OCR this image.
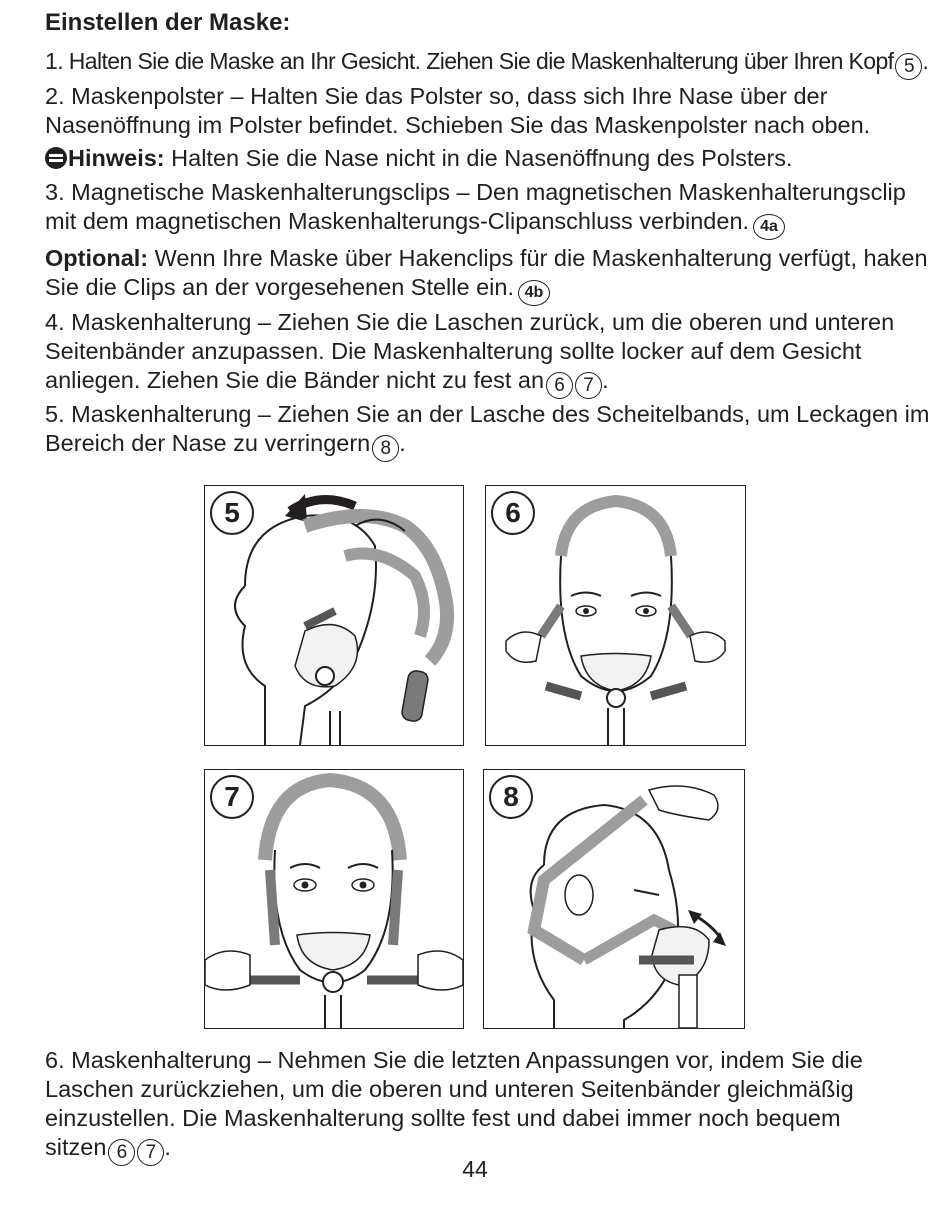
Einstellen der Maske:
1. Halten Sie die Maske an Ihr Gesicht. Ziehen Sie die Maskenhalterung über Ihren Kopf 5 .
2. Maskenpolster – Halten Sie das Polster so, dass sich Ihre Nase über der
Nasenöffnung im Polster befindet. Schieben Sie das Maskenpolster nach oben.
Hinweis: Halten Sie die Nase nicht in die Nasenöffnung des Polsters.
3. Magnetische Maskenhalterungsclips – Den magnetischen Maskenhalterungsclip
mit dem magnetischen Maskenhalterungs-Clipanschluss verbinden. 4a
Optional: Wenn Ihre Maske über Hakenclips für die Maskenhalterung verfügt, haken
Sie die Clips an der vorgesehenen Stelle ein. 4b
4. Maskenhalterung – Ziehen Sie die Laschen zurück, um die oberen und unteren
Seitenbänder anzupassen. Die Maskenhalterung sollte locker auf dem Gesicht
anliegen. Ziehen Sie die Bänder nicht zu fest an 6 7 .
5. Maskenhalterung – Ziehen Sie an der Lasche des Scheitelbands, um Leckagen im
Bereich der Nase zu verringern 8 .
5	6
7	8
6. Maskenhalterung – Nehmen Sie die letzten Anpassungen vor, indem Sie die
Laschen zurückziehen, um die oberen und unteren Seitenbänder gleichmäßig
einzustellen. Die Maskenhalterung sollte fest und dabei immer noch bequem
sitzen 6 7 .
44
